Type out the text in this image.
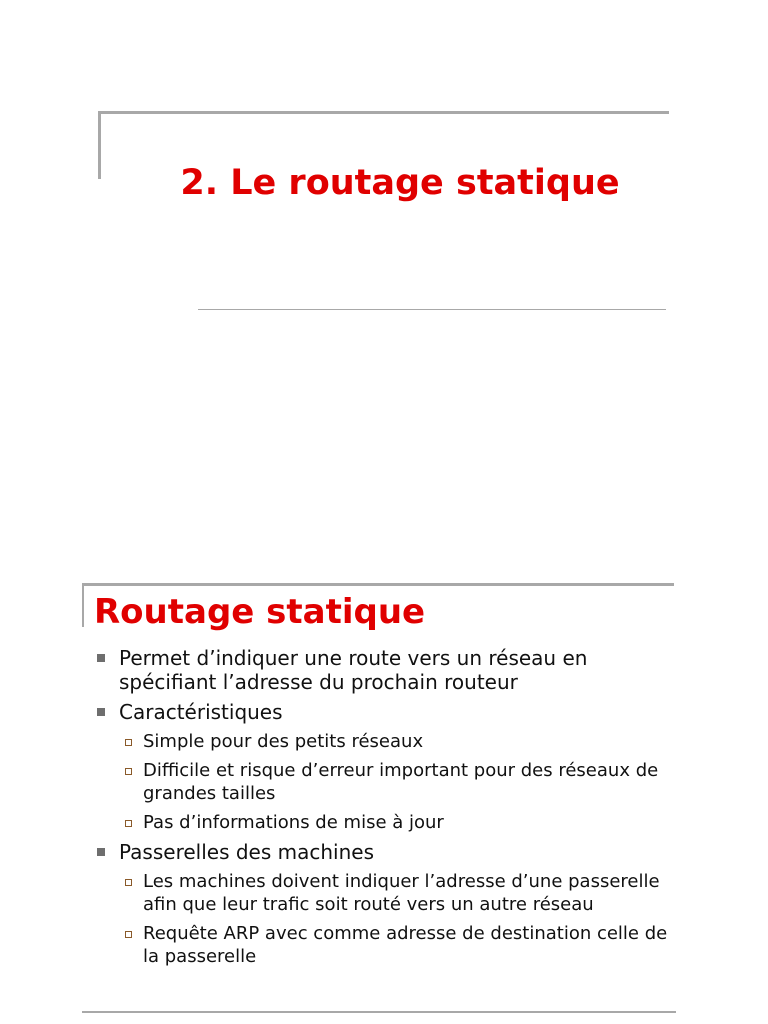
2. Le routage statique
Routage statique
Permet d’indiquer une route vers un réseau en spécifiant l’adresse du prochain routeur
Caractéristiques
Simple pour des petits réseaux
Difficile et risque d’erreur important pour des réseaux de grandes tailles
Pas d’informations de mise à jour
Passerelles des machines
Les machines doivent indiquer l’adresse d’une passerelle afin que leur trafic soit routé vers un autre réseau
Requête ARP avec comme adresse de destination celle de la passerelle
